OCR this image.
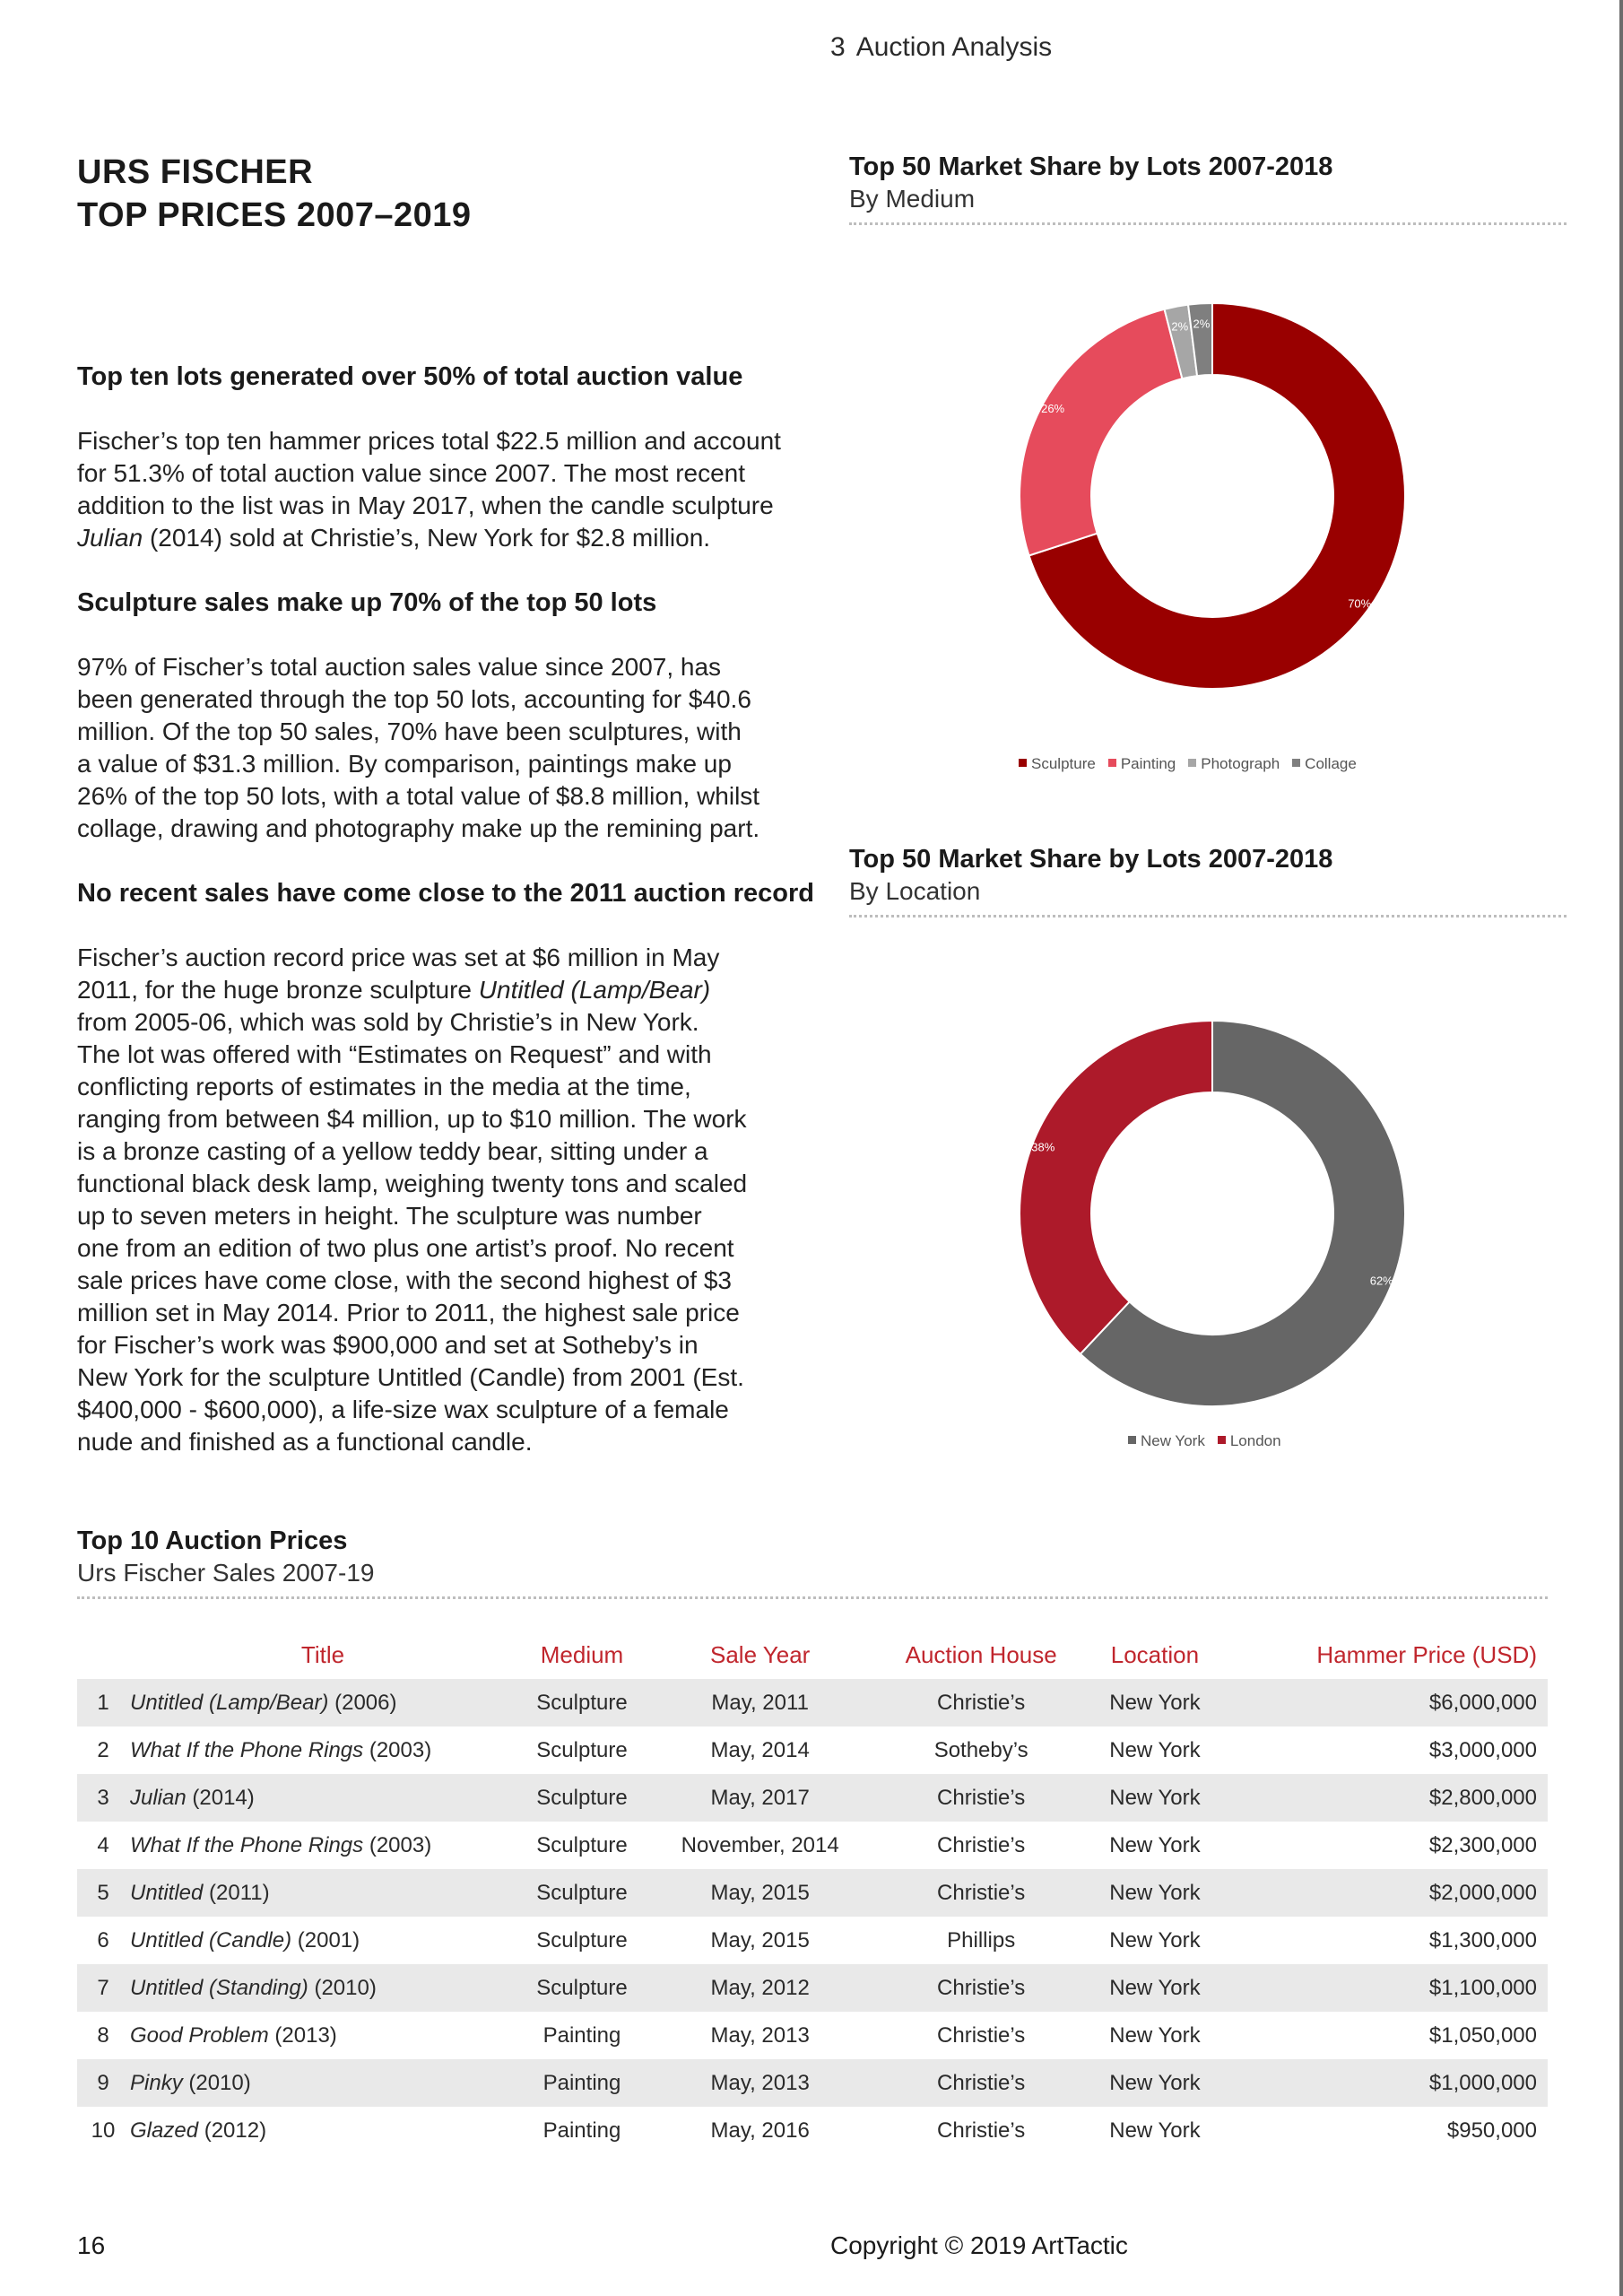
3 Auction Analysis
URS FISCHER
TOP PRICES 2007–2019
Top ten lots generated over 50% of total auction value

Fischer’s top ten hammer prices total $22.5 million and account
for 51.3% of total auction value since 2007. The most recent
addition to the list was in May 2017, when the candle sculpture
Julian (2014) sold at Christie’s, New York for $2.8 million.

Sculpture sales make up 70% of the top 50 lots

97% of Fischer’s total auction sales value since 2007, has
been generated through the top 50 lots, accounting for $40.6
million. Of the top 50 sales, 70% have been sculptures, with
a value of $31.3 million. By comparison, paintings make up
26% of the top 50 lots, with a total value of $8.8 million, whilst
collage, drawing and photography make up the remining part.

No recent sales have come close to the 2011 auction record

Fischer’s auction record price was set at $6 million in May
2011, for the huge bronze sculpture Untitled (Lamp/Bear)
from 2005-06, which was sold by Christie’s in New York.
The lot was offered with “Estimates on Request” and with
conflicting reports of estimates in the media at the time,
ranging from between $4 million, up to $10 million. The work
is a bronze casting of a yellow teddy bear, sitting under a
functional black desk lamp, weighing twenty tons and scaled
up to seven meters in height. The sculpture was number
one from an edition of two plus one artist’s proof. No recent
sale prices have come close, with the second highest of $3
million set in May 2014. Prior to 2011, the highest sale price
for Fischer’s work was $900,000 and set at Sotheby’s in
New York for the sculpture Untitled (Candle) from 2001 (Est.
$400,000 - $600,000), a life-size wax sculpture of a female
nude and finished as a functional candle.

Top 50 Market Share by Lots 2007-2018
By Medium
70%
26%
2% 2%
Sculpture Painting Photograph Collage
Top 50 Market Share by Lots 2007-2018
By Location
62%
38%
New York London
Top 10 Auction Prices
Urs Fischer Sales 2007-19
	Title	Medium	Sale Year	Auction House	Location	Hammer Price (USD)
1	Untitled (Lamp/Bear) (2006)	Sculpture	May, 2011	Christie’s	New York	$6,000,000
2	What If the Phone Rings (2003)	Sculpture	May, 2014	Sotheby’s	New York	$3,000,000
3	Julian (2014)	Sculpture	May, 2017	Christie’s	New York	$2,800,000
4	What If the Phone Rings (2003)	Sculpture	November, 2014	Christie’s	New York	$2,300,000
5	Untitled (2011)	Sculpture	May, 2015	Christie’s	New York	$2,000,000
6	Untitled (Candle) (2001)	Sculpture	May, 2015	Phillips	New York	$1,300,000
7	Untitled (Standing) (2010)	Sculpture	May, 2012	Christie’s	New York	$1,100,000
8	Good Problem (2013)	Painting	May, 2013	Christie’s	New York	$1,050,000
9	Pinky (2010)	Painting	May, 2013	Christie’s	New York	$1,000,000
10	Glazed (2012)	Painting	May, 2016	Christie’s	New York	$950,000
16	Copyright © 2019 ArtTactic
